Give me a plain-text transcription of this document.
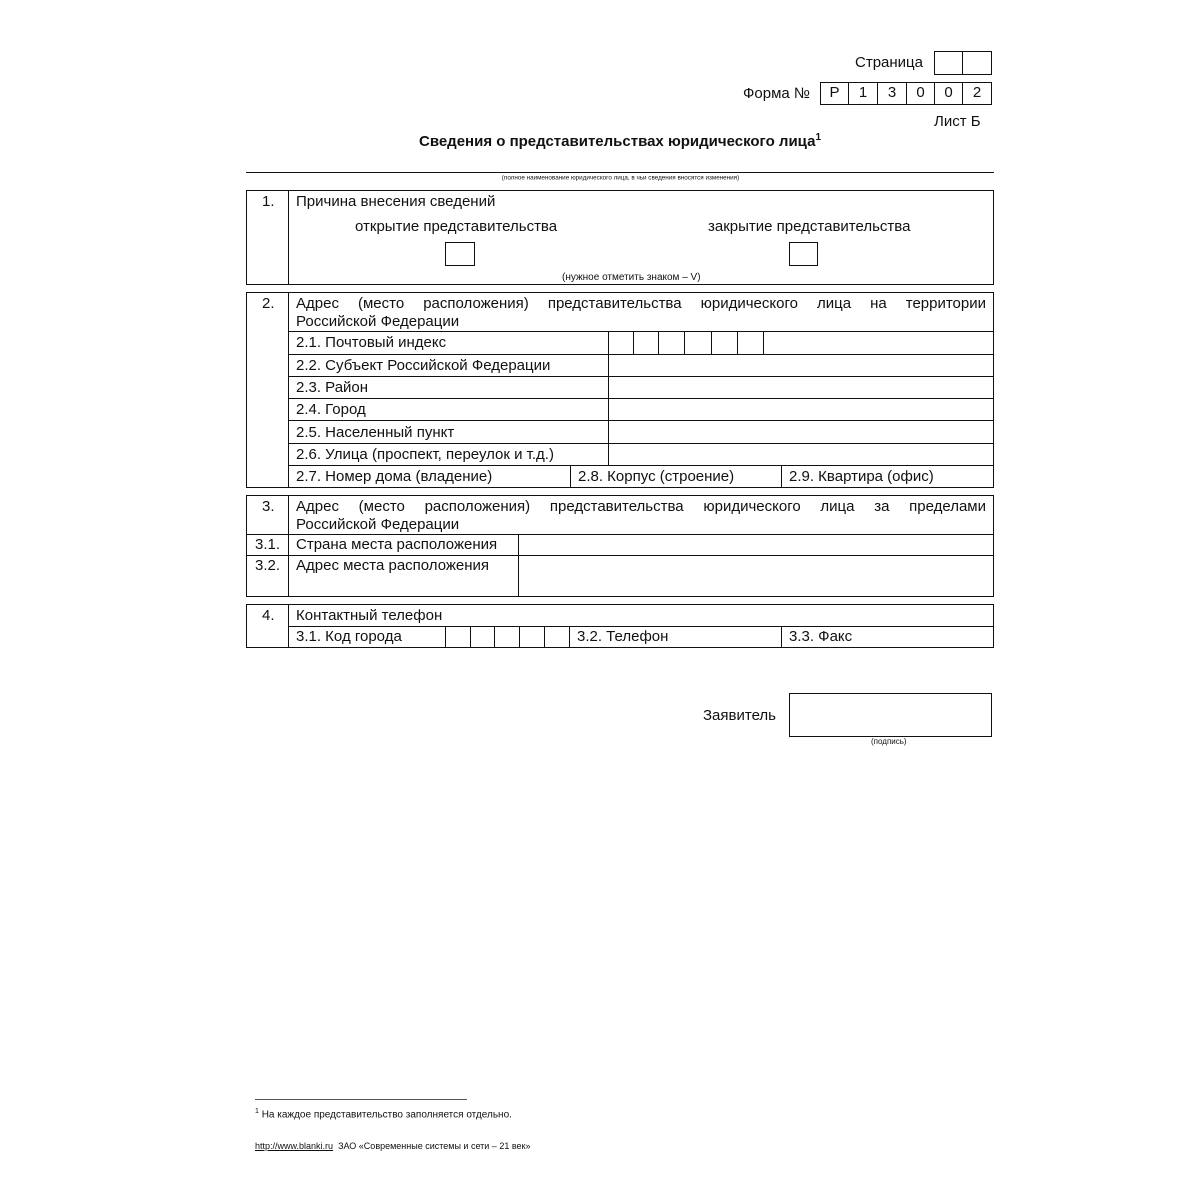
Страница
Форма №	Р	1	3	0	0	2
Лист Б
Сведения о представительствах юридического лица$^1$
(полное наименование юридического лица, в чьи сведения вносятся изменения)
1. Причина внесения сведений
открытие представительства	закрытие представительства
(нужное отметить знаком – V)
2. Адрес (место расположения) представительства юридического лица на территории
Российской Федерации
2.1. Почтовый индекс
2.2. Субъект Российской Федерации
2.3. Район
2.4. Город
2.5. Населенный пункт
2.6. Улица (проспект, переулок и т.д.)
2.7. Номер дома (владение)	2.8. Корпус (строение)	2.9. Квартира (офис)
3. Адрес (место расположения) представительства юридического лица за пределами
Российской Федерации
3.1. Страна места расположения
3.2. Адрес места расположения
4. Контактный телефон
3.1. Код города	3.2. Телефон	3.3. Факс
Заявитель
(подпись)
$^1$ На каждое представительство заполняется отдельно.
http://www.blanki.ru ЗАО «Современные системы и сети – 21 век»
